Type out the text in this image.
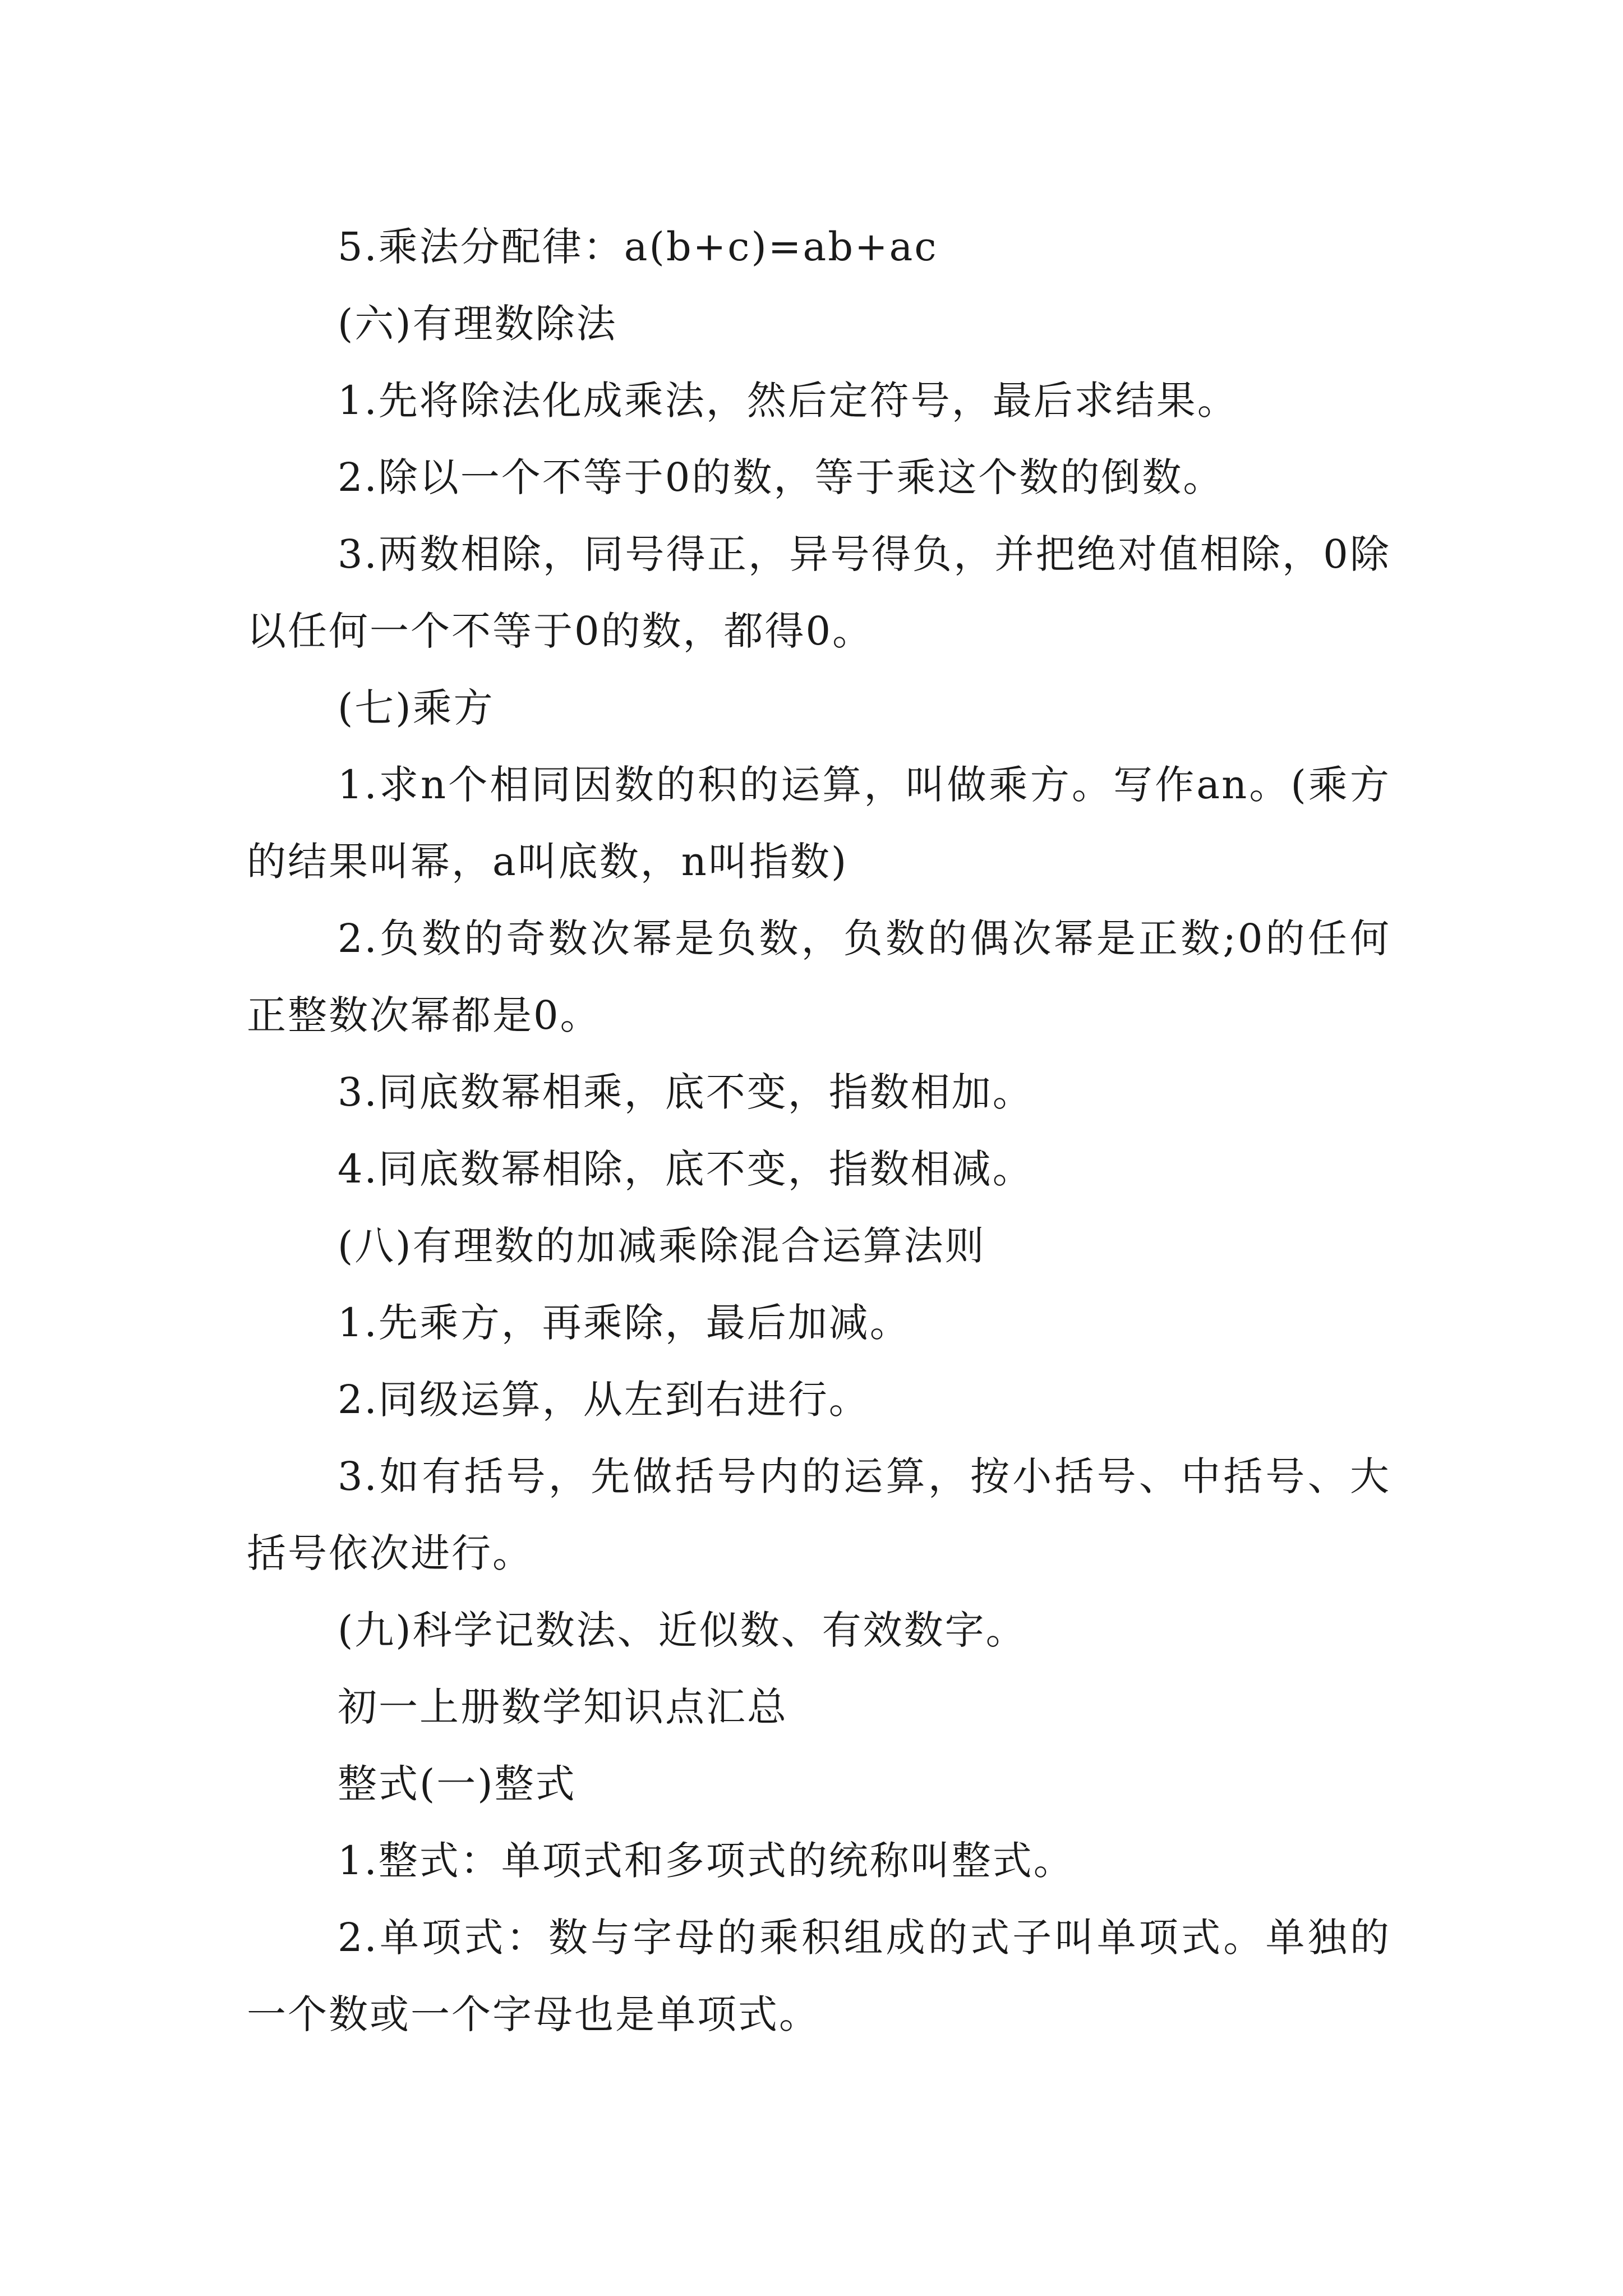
5.乘法分配律：a(b+c)=ab+ac

(六)有理数除法

1.先将除法化成乘法，然后定符号，最后求结果。

2.除以一个不等于0的数，等于乘这个数的倒数。

3.两数相除，同号得正，异号得负，并把绝对值相除，0除以任何一个不等于0的数，都得0。

(七)乘方

1.求n个相同因数的积的运算，叫做乘方。写作an。(乘方的结果叫幂，a叫底数，n叫指数)

2.负数的奇数次幂是负数，负数的偶次幂是正数;0的任何正整数次幂都是0。

3.同底数幂相乘，底不变，指数相加。

4.同底数幂相除，底不变，指数相减。

(八)有理数的加减乘除混合运算法则

1.先乘方，再乘除，最后加减。

2.同级运算，从左到右进行。

3.如有括号，先做括号内的运算，按小括号、中括号、大括号依次进行。

(九)科学记数法、近似数、有效数字。

初一上册数学知识点汇总

整式(一)整式

1.整式：单项式和多项式的统称叫整式。

2.单项式：数与字母的乘积组成的式子叫单项式。单独的一个数或一个字母也是单项式。
